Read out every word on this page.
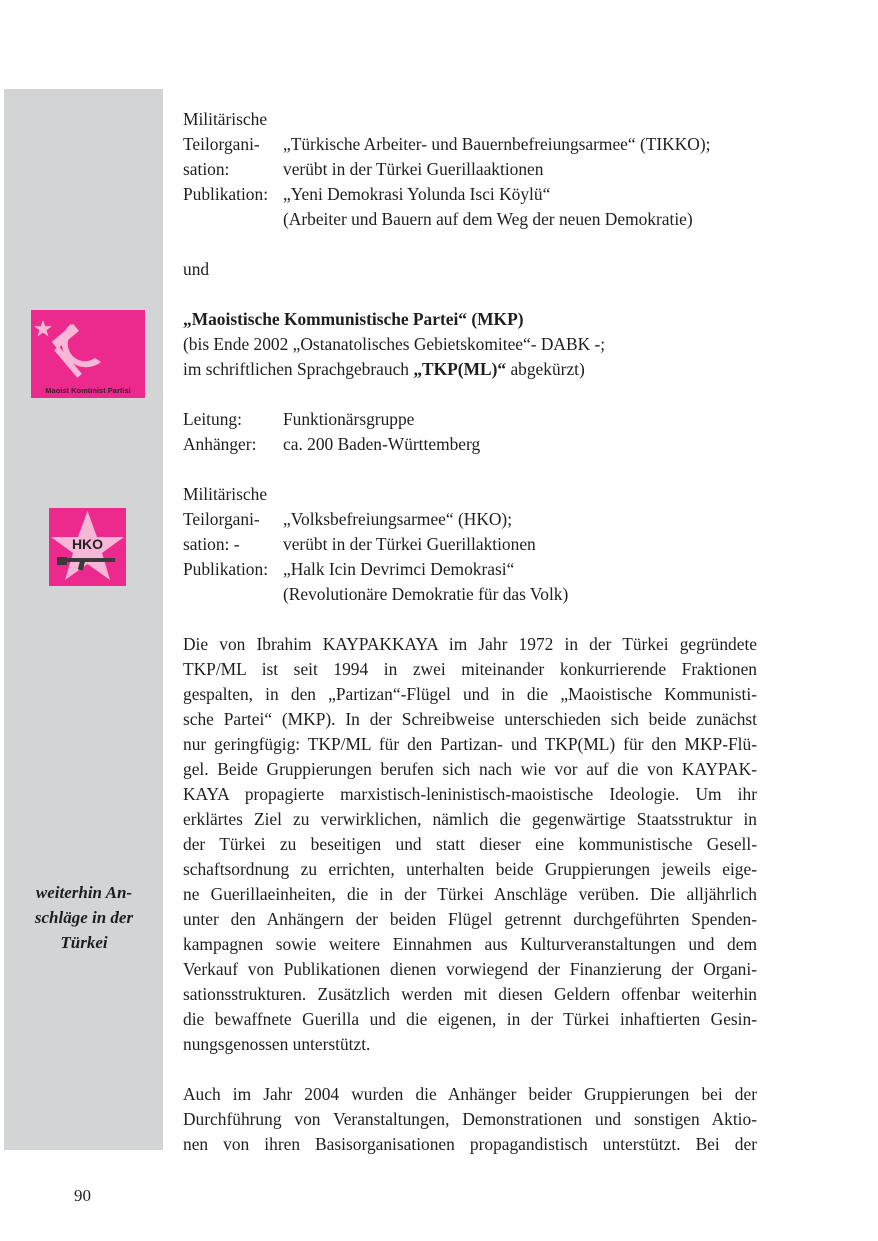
Maoist Komünist Partisi
HKO
weiterhin An-
schläge in der
Türkei
Militärische
Teilorgani-	„Türkische Arbeiter- und Bauernbefreiungsarmee“ (TIKKO);
sation:	verübt in der Türkei Guerillaaktionen
Publikation: „Yeni Demokrasi Yolunda Isci Köylü“
(Arbeiter und Bauern auf dem Weg der neuen Demokratie)
und
„Maoistische Kommunistische Partei“ (MKP)
(bis Ende 2002 „Ostanatolisches Gebietskomitee“- DABK -;
im schriftlichen Sprachgebrauch „TKP(ML)“ abgekürzt)
Leitung:	Funktionärsgruppe
Anhänger:	ca. 200 Baden-Württemberg
Militärische
Teilorgani-	„Volksbefreiungsarmee“ (HKO);
sation: -	verübt in der Türkei Guerillaktionen
Publikation: „Halk Icin Devrimci Demokrasi“
(Revolutionäre Demokratie für das Volk)
Die von Ibrahim KAYPAKKAYA im Jahr 1972 in der Türkei gegründete
TKP/ML ist seit 1994 in zwei miteinander konkurrierende Fraktionen
gespalten, in den „Partizan“-Flügel und in die „Maoistische Kommunisti-
sche Partei“ (MKP). In der Schreibweise unterschieden sich beide zunächst
nur geringfügig: TKP/ML für den Partizan- und TKP(ML) für den MKP-Flü-
gel. Beide Gruppierungen berufen sich nach wie vor auf die von KAYPAK-
KAYA propagierte marxistisch-leninistisch-maoistische Ideologie. Um ihr
erklärtes Ziel zu verwirklichen, nämlich die gegenwärtige Staatsstruktur in
der Türkei zu beseitigen und statt dieser eine kommunistische Gesell-
schaftsordnung zu errichten, unterhalten beide Gruppierungen jeweils eige-
ne Guerillaeinheiten, die in der Türkei Anschläge verüben. Die alljährlich
unter den Anhängern der beiden Flügel getrennt durchgeführten Spenden-
kampagnen sowie weitere Einnahmen aus Kulturveranstaltungen und dem
Verkauf von Publikationen dienen vorwiegend der Finanzierung der Organi-
sationsstrukturen. Zusätzlich werden mit diesen Geldern offenbar weiterhin
die bewaffnete Guerilla und die eigenen, in der Türkei inhaftierten Gesin-
nungsgenossen unterstützt.
Auch im Jahr 2004 wurden die Anhänger beider Gruppierungen bei der
Durchführung von Veranstaltungen, Demonstrationen und sonstigen Aktio-
nen von ihren Basisorganisationen propagandistisch unterstützt. Bei der
90
